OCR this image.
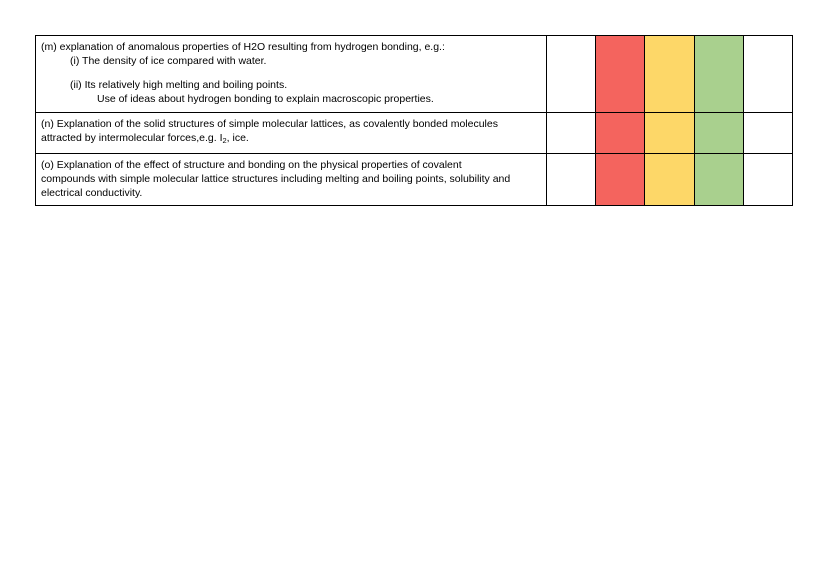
(m) explanation of anomalous properties of H2O resulting from hydrogen bonding, e.g.:
(i) The density of ice compared with water.
(ii) Its relatively high melting and boiling points.
Use of ideas about hydrogen bonding to explain macroscopic properties.					

(n) Explanation of the solid structures of simple molecular lattices, as covalently bonded molecules
attracted by intermolecular forces,e.g. $I_2$, ice.					

(o) Explanation of the effect of structure and bonding on the physical properties of covalent
compounds with simple molecular lattice structures including melting and boiling points, solubility and
electrical conductivity.					
